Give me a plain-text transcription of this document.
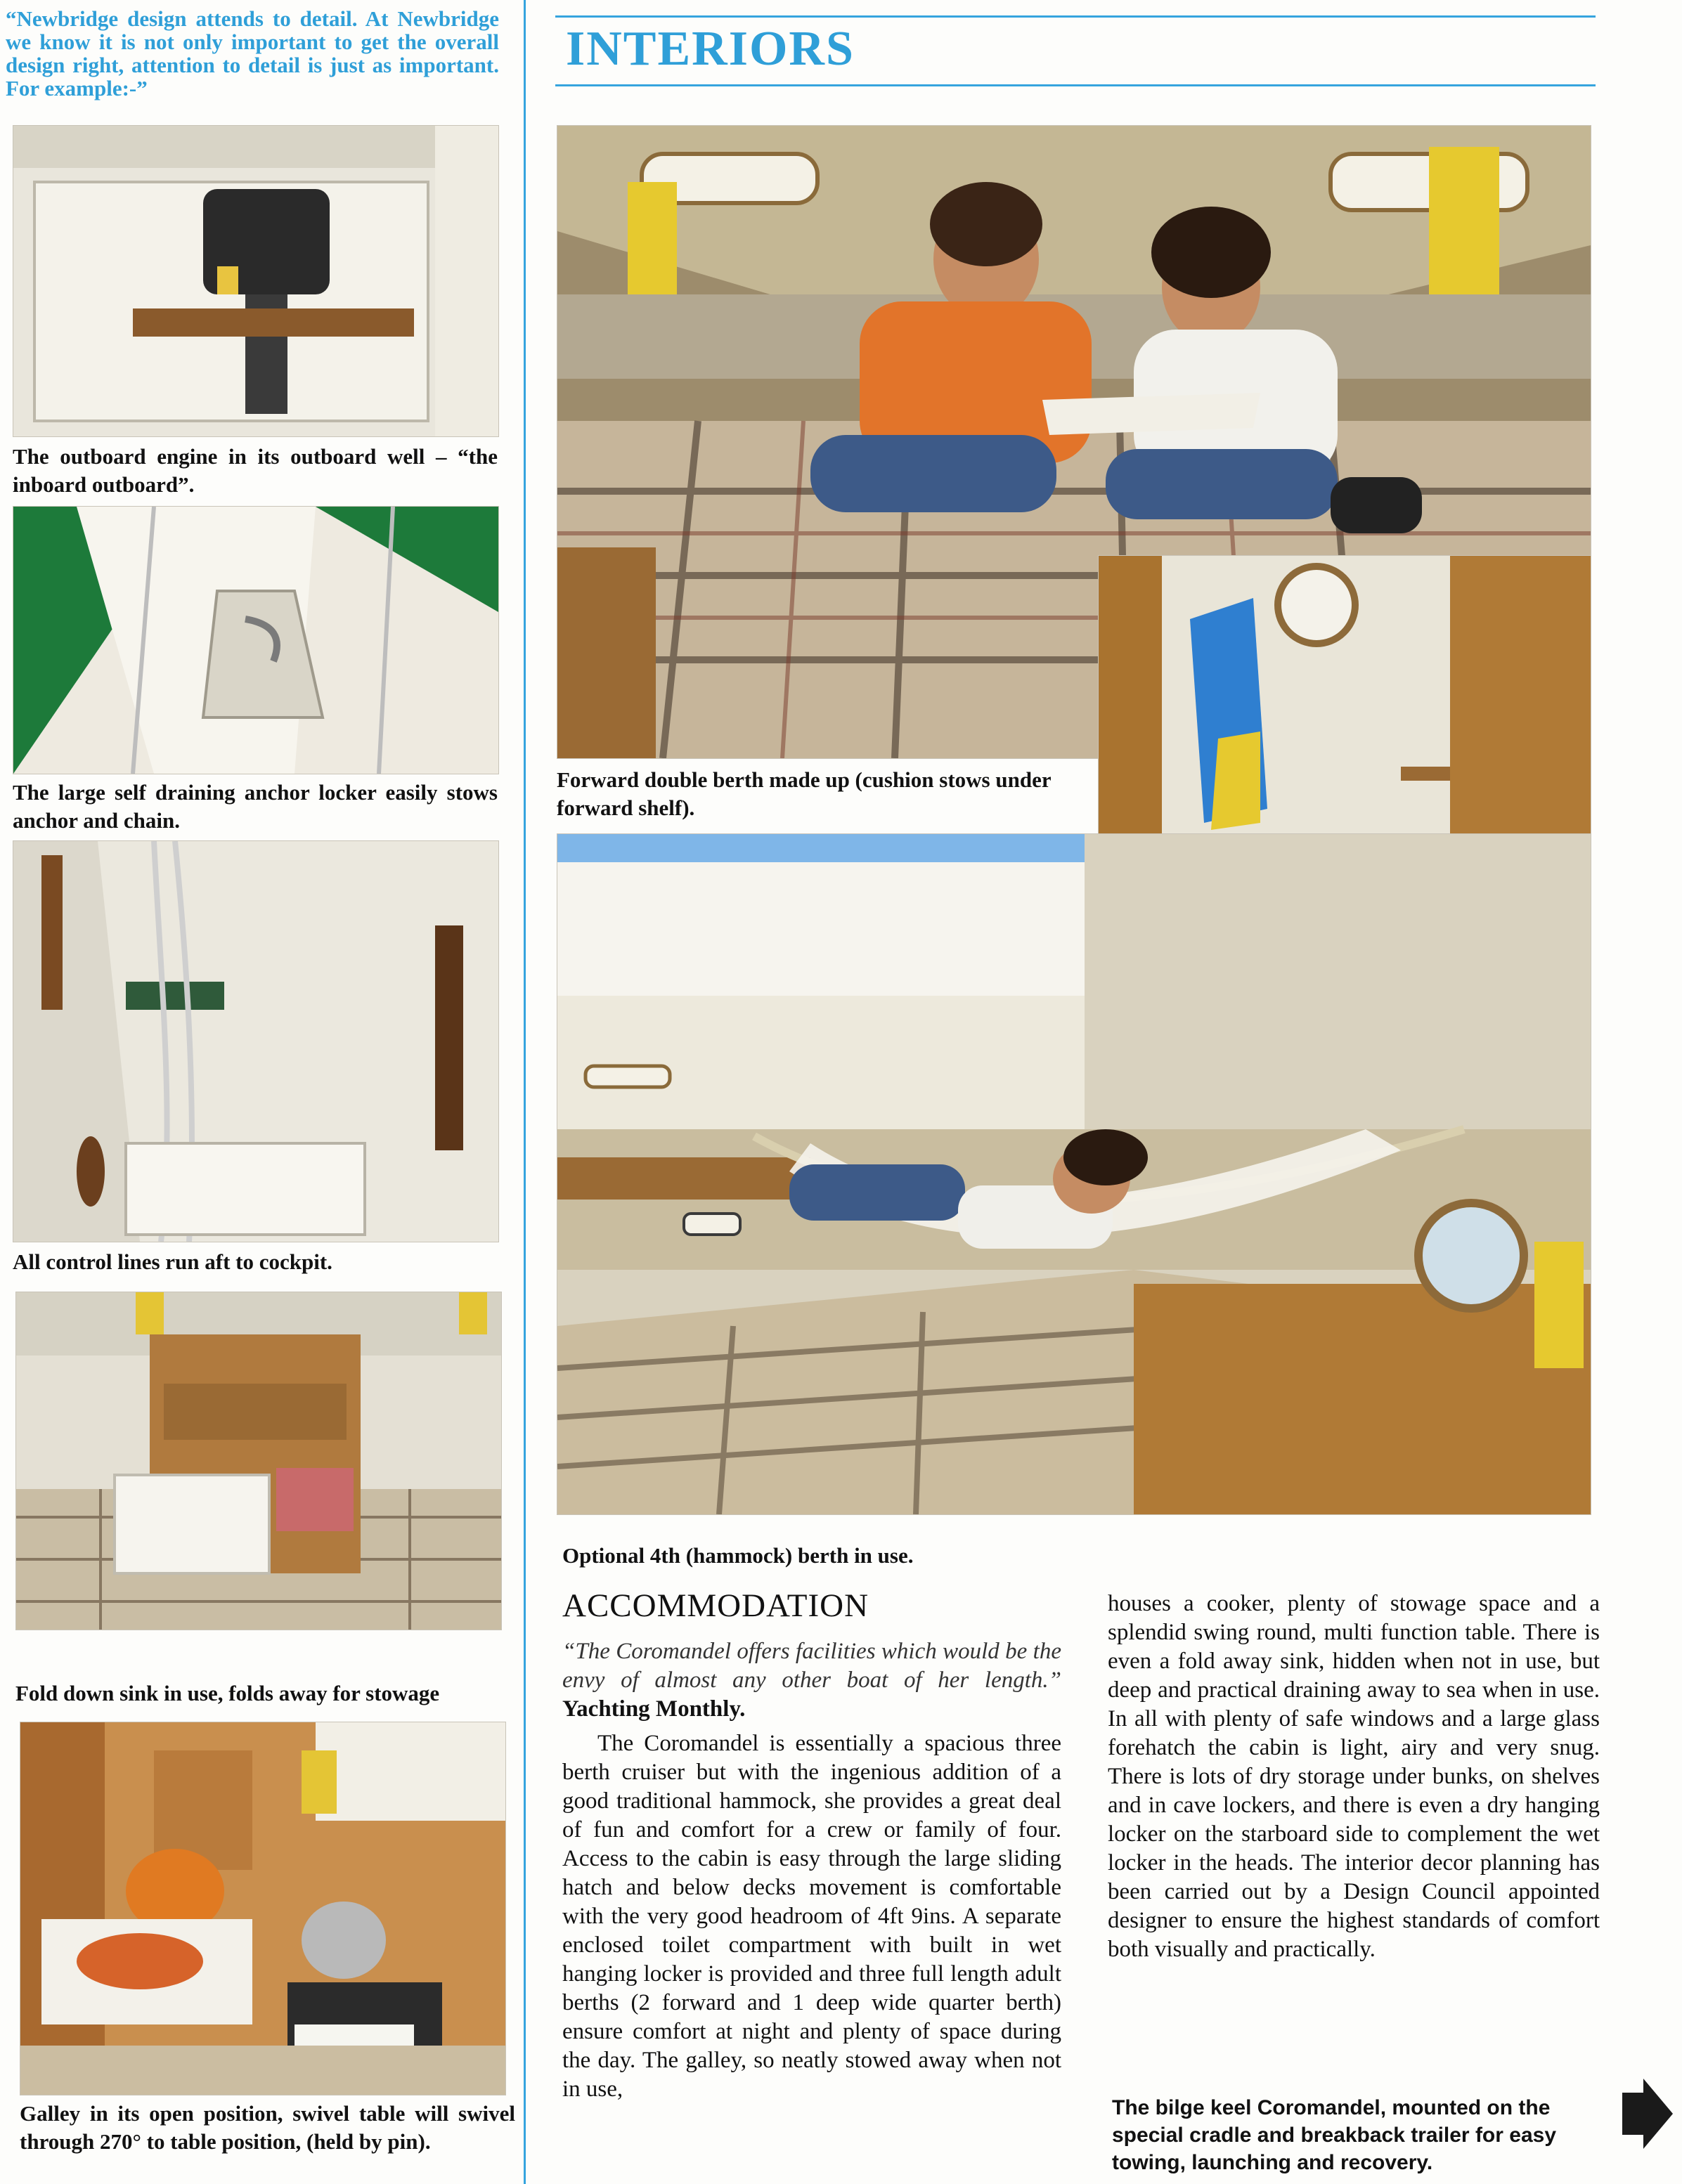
“Newbridge design attends to detail. At Newbridge we know it is not only important to get the overall design right, attention to detail is just as important. For example:-”
INTERIORS
The outboard engine in its outboard well – “the inboard outboard”.
The large self draining anchor locker easily stows anchor and chain.
All control lines run aft to cockpit.
Fold down sink in use, folds away for stowage
Galley in its open position, swivel table will swivel through 270° to table position, (held by pin).
Forward double berth made up (cushion stows under forward shelf).
Optional 4th (hammock) berth in use.
ACCOMMODATION
“The Coromandel offers facilities which would be the envy of almost any other boat of her length.” Yachting Monthly.
The Coromandel is essentially a spacious three berth cruiser but with the ingenious addition of a good traditional hammock, she provides a great deal of fun and comfort for a crew or family of four. Access to the cabin is easy through the large sliding hatch and below decks movement is comfortable with the very good headroom of 4ft 9ins. A separate enclosed toilet compartment with built in wet hanging locker is provided and three full length adult berths (2 forward and 1 deep wide quarter berth) ensure comfort at night and plenty of space during the day. The galley, so neatly stowed away when not in use,
houses a cooker, plenty of stowage space and a splendid swing round, multi function table. There is even a fold away sink, hidden when not in use, but deep and practical draining away to sea when in use. In all with plenty of safe windows and a large glass forehatch the cabin is light, airy and very snug. There is lots of dry storage under bunks, on shelves and in cave lockers, and there is even a dry hanging locker on the starboard side to complement the wet locker in the heads. The interior decor planning has been carried out by a Design Council appointed designer to ensure the highest standards of comfort both visually and practically.
The bilge keel Coromandel, mounted on the special cradle and breakback trailer for easy towing, launching and recovery.
